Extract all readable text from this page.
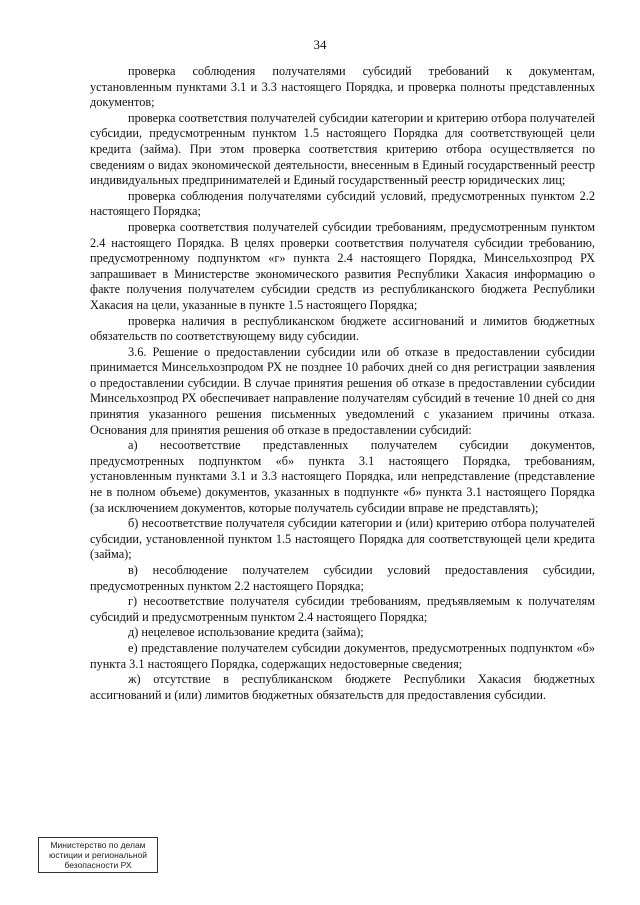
34

проверка соблюдения получателями субсидий требований к документам, установленным пунктами 3.1 и 3.3 настоящего Порядка, и проверка полноты представленных документов;

проверка соответствия получателей субсидии категории и критерию отбора получателей субсидии, предусмотренным пунктом 1.5 настоящего Порядка для соответствующей цели кредита (займа). При этом проверка соответствия критерию отбора осуществляется по сведениям о видах экономической деятельности, внесенным в Единый государственный реестр индивидуальных предпринимателей и Единый государственный реестр юридических лиц;

проверка соблюдения получателями субсидий условий, предусмотренных пунктом 2.2 настоящего Порядка;

проверка соответствия получателей субсидии требованиям, предусмотренным пунктом 2.4 настоящего Порядка. В целях проверки соответствия получателя субсидии требованию, предусмотренному подпунктом «г» пункта 2.4 настоящего Порядка, Минсельхозпрод РХ запрашивает в Министерстве экономического развития Республики Хакасия информацию о факте получения получателем субсидии средств из республиканского бюджета Республики Хакасия на цели, указанные в пункте 1.5 настоящего Порядка;

проверка наличия в республиканском бюджете ассигнований и лимитов бюджетных обязательств по соответствующему виду субсидии.

3.6. Решение о предоставлении субсидии или об отказе в предоставлении субсидии принимается Минсельхозпродом РХ не позднее 10 рабочих дней со дня регистрации заявления о предоставлении субсидии. В случае принятия решения об отказе в предоставлении субсидии Минсельхозпрод РХ обеспечивает направление получателям субсидий в течение 10 дней со дня принятия указанного решения письменных уведомлений с указанием причины отказа. Основания для принятия решения об отказе в предоставлении субсидий:

а) несоответствие представленных получателем субсидии документов, предусмотренных подпунктом «б» пункта 3.1 настоящего Порядка, требованиям, установленным пунктами 3.1 и 3.3 настоящего Порядка, или непредставление (представление не в полном объеме) документов, указанных в подпункте «б» пункта 3.1 настоящего Порядка (за исключением документов, которые получатель субсидии вправе не представлять);

б) несоответствие получателя субсидии категории и (или) критерию отбора получателей субсидии, установленной пунктом 1.5 настоящего Порядка для соответствующей цели кредита (займа);

в) несоблюдение получателем субсидии условий предоставления субсидии, предусмотренных пунктом 2.2 настоящего Порядка;

г) несоответствие получателя субсидии требованиям, предъявляемым к получателям субсидий и предусмотренным пунктом 2.4 настоящего Порядка;

д) нецелевое использование кредита (займа);

е) представление получателем субсидии документов, предусмотренных подпунктом «б» пункта 3.1 настоящего Порядка, содержащих недостоверные сведения;

ж) отсутствие в республиканском бюджете Республики Хакасия бюджетных ассигнований и (или) лимитов бюджетных обязательств для предоставления субсидии.

Министерство по делам
юстиции и региональной
безопасности РХ
